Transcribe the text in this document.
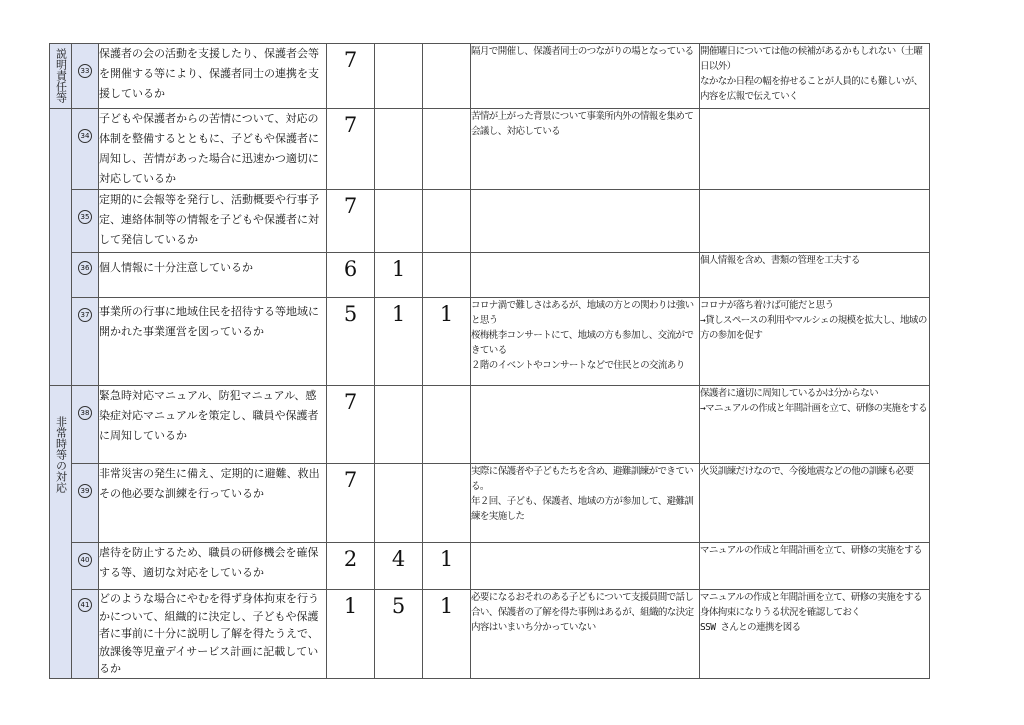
説明責任等	33	保護者の会の活動を支援したり、保護者会等を開催する等により、保護者同士の連携を支援しているか	7			隔月で開催し、保護者同士のつながりの場となっている	開催曜日については他の候補があるかもしれない（土曜日以外）
なかなか日程の幅を拵せることが人員的にも難しいが、内容を広報で伝えていく
	34	子どもや保護者からの苦情について、対応の体制を整備するとともに、子どもや保護者に周知し、苦情があった場合に迅速かつ適切に対応しているか	7			苦情が上がった背景について事業所内外の情報を集めて会議し、対応している	
	35	定期的に会報等を発行し、活動概要や行事予定、連絡体制等の情報を子どもや保護者に対して発信しているか	7				

	36	個人情報に十分注意しているか	6	1			個人情報を含め、書類の管理を工夫する
	37	事業所の行事に地域住民を招待する等地域に開かれた事業運営を図っているか	5	1	1	コロナ渦で難しさはあるが、地域の方との関わりは強いと思う
桜梅桃李コンサートにて、地域の方も参加し、交流ができている
２階のイベントやコンサートなどで住民との交流あり	コロナが落ち着けば可能だと思う
→貸しスペースの利用やマルシェの規模を拡大し、地域の方の参加を促す

非常時等の対応	38	緊急時対応マニュアル、防犯マニュアル、感染症対応マニュアルを策定し、職員や保護者に周知しているか	7				保護者に適切に周知しているかは分からない
→マニュアルの作成と年間計画を立て、研修の実施をする
	39	非常災害の発生に備え、定期的に避難、救出その他必要な訓練を行っているか	7			実際に保護者や子どもたちを含め、避難訓練ができている。
年２回、子ども、保護者、地域の方が参加して、避難訓練を実施した	火災訓練だけなので、今後地震などの他の訓練も必要
	40	虐待を防止するため、職員の研修機会を確保する等、適切な対応をしているか	2	4	1		マニュアルの作成と年間計画を立て、研修の実施をする
	41	どのような場合にやむを得ず身体拘束を行うかについて、組織的に決定し、子どもや保護者に事前に十分に説明し了解を得たうえで、放課後等児童デイサービス計画に記載しているか	1	5	1	必要になるおそれのある子どもについて支援員間で話し合い、保護者の了解を得た事例はあるが、組織的な決定内容はいまいち分かっていない	マニュアルの作成と年間計画を立て、研修の実施をする
身体拘束になりうる状況を確認しておく
SSW さんとの連携を図る
